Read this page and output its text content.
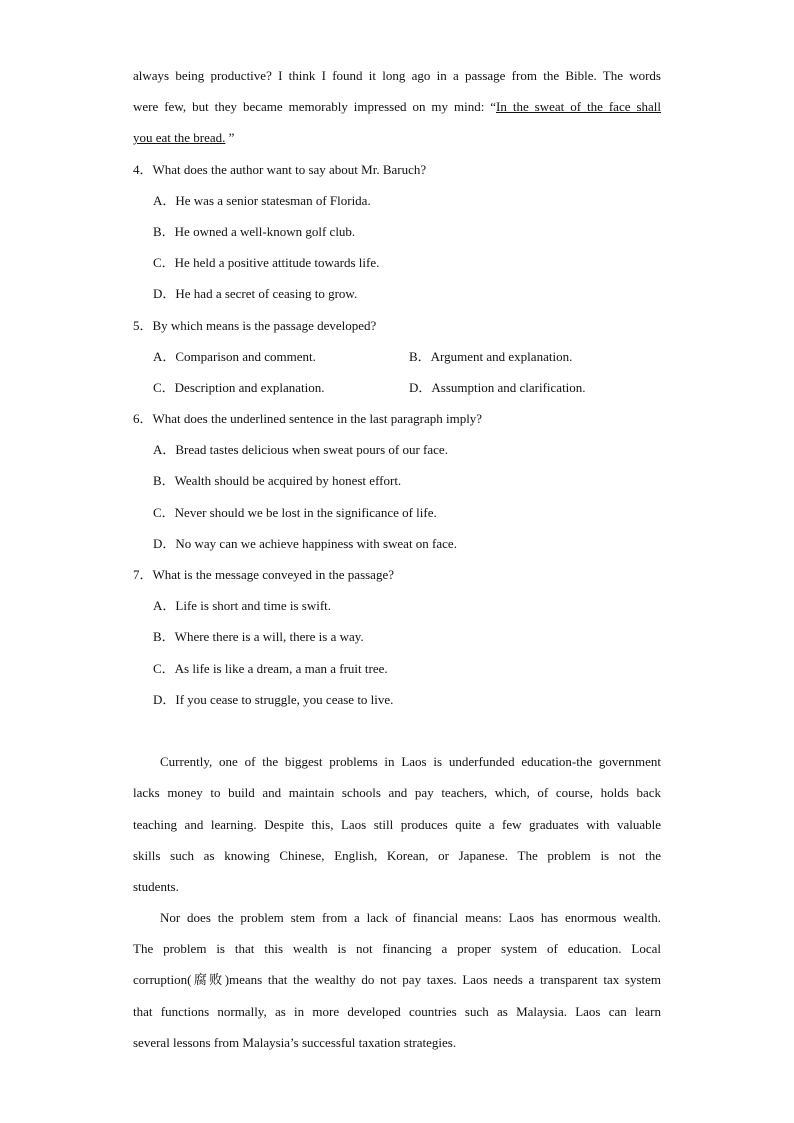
always being productive? I think I found it long ago in a passage from the Bible. The words
were few, but they became memorably impressed on my mind: “In the sweat of the face shall
you eat the bread. ”
4．What does the author want to say about Mr. Baruch?
A．He was a senior statesman of Florida.
B．He owned a well-known golf club.
C．He held a positive attitude towards life.
D．He had a secret of ceasing to grow.
5．By which means is the passage developed?
A．Comparison and comment.	B．Argument and explanation.
C．Description and explanation.	D．Assumption and clarification.
6．What does the underlined sentence in the last paragraph imply?
A．Bread tastes delicious when sweat pours of our face.
B．Wealth should be acquired by honest effort.
C．Never should we be lost in the significance of life.
D．No way can we achieve happiness with sweat on face.
7．What is the message conveyed in the passage?
A．Life is short and time is swift.
B．Where there is a will, there is a way.
C．As life is like a dream, a man a fruit tree.
D．If you cease to struggle, you cease to live.
Currently, one of the biggest problems in Laos is underfunded education-the government
lacks money to build and maintain schools and pay teachers, which, of course, holds back
teaching and learning. Despite this, Laos still produces quite a few graduates with valuable
skills such as knowing Chinese, English, Korean, or Japanese. The problem is not the
students.
Nor does the problem stem from a lack of financial means: Laos has enormous wealth.
The problem is that this wealth is not financing a proper system of education. Local
corruption(腐败)means that the wealthy do not pay taxes. Laos needs a transparent tax system
that functions normally, as in more developed countries such as Malaysia. Laos can learn
several lessons from Malaysia’s successful taxation strategies.
